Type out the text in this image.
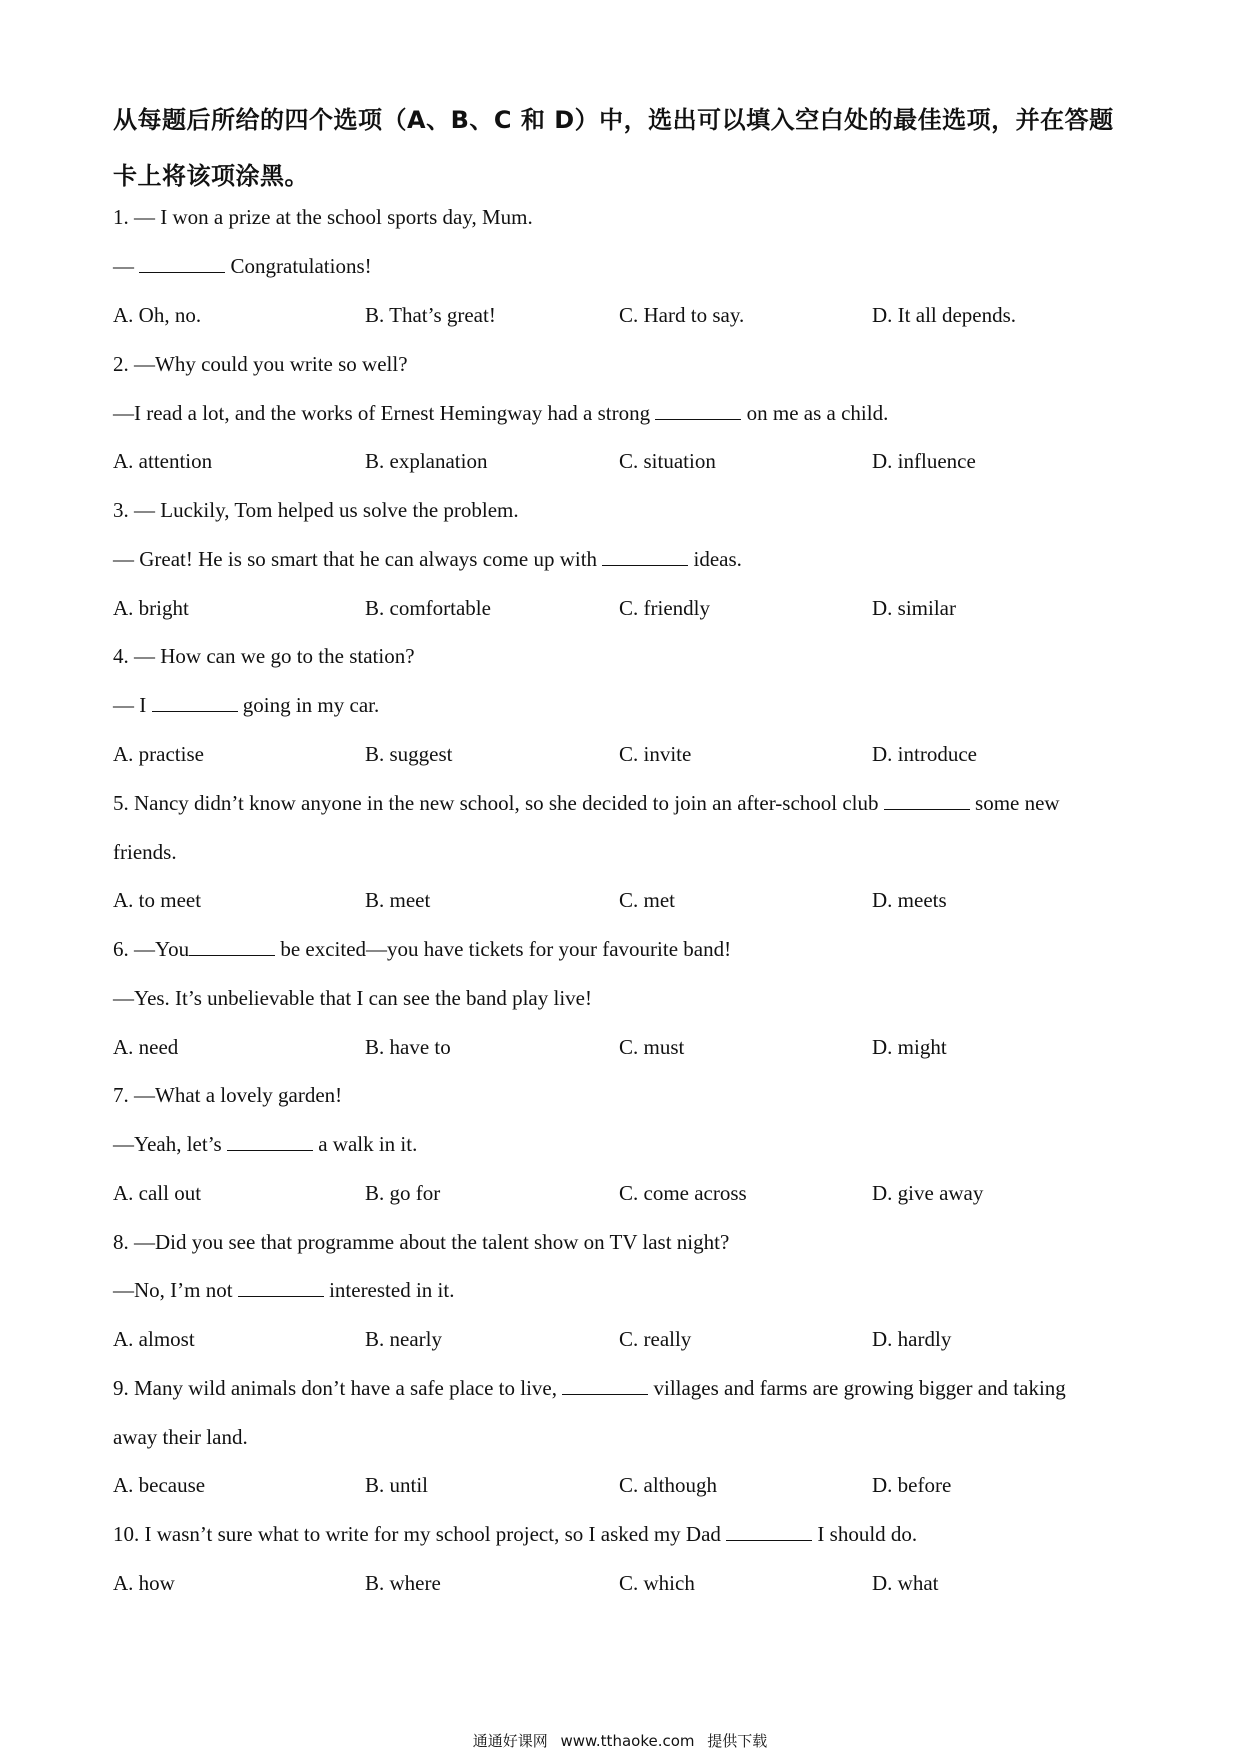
从每题后所给的四个选项（A、B、C 和 D）中，选出可以填入空白处的最佳选项，并在答题卡上将该项涂黑。
1. — I won a prize at the school sports day, Mum.
—	Congratulations!
A. Oh, no.	B. That’s great!	C. Hard to say.	D. It all depends.
2. —Why could you write so well?
—I read a lot, and the works of Ernest Hemingway had a strong	on me as a child.
A. attention	B. explanation	C. situation	D. influence
3. — Luckily, Tom helped us solve the problem.
— Great! He is so smart that he can always come up with	ideas.
A. bright	B. comfortable	C. friendly	D. similar
4. — How can we go to the station?
— I	going in my car.
A. practise	B. suggest	C. invite	D. introduce
5. Nancy didn’t know anyone in the new school, so she decided to join an after-school club	some new
friends.
A. to meet	B. meet	C. met	D. meets
6. —You	be excited—you have tickets for your favourite band!
—Yes. It’s unbelievable that I can see the band play live!
A. need	B. have to	C. must	D. might
7. —What a lovely garden!
—Yeah, let’s	a walk in it.
A. call out	B. go for	C. come across	D. give away
8. —Did you see that programme about the talent show on TV last night?
—No, I’m not	interested in it.
A. almost	B. nearly	C. really	D. hardly
9. Many wild animals don’t have a safe place to live,	villages and farms are growing bigger and taking
away their land.
A. because	B. until	C. although	D. before
10. I wasn’t sure what to write for my school project, so I asked my Dad	I should do.
A. how	B. where	C. which	D. what
通通好课网 www.tthaoke.com 提供下载
